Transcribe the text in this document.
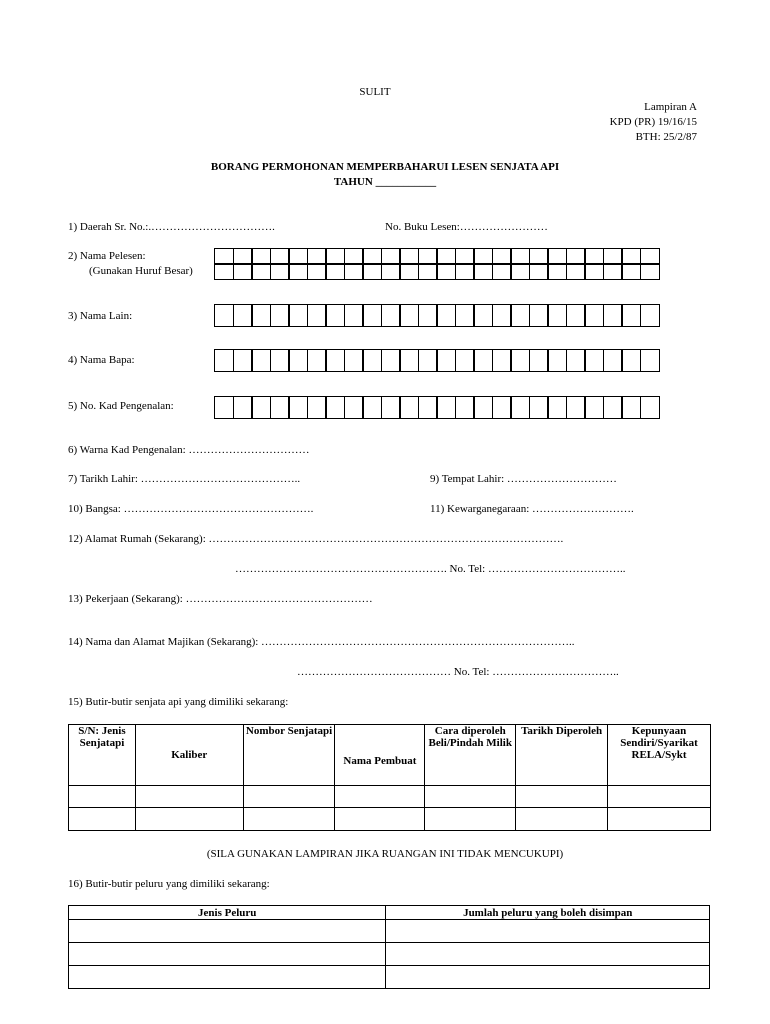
SULIT
Lampiran A
KPD (PR) 19/16/15
BTH: 25/2/87
BORANG PERMOHONAN MEMPERBAHARUI LESEN SENJATA API
TAHUN ___________
1) Daerah Sr. No.:.…………………………….	No. Buku Lesen:……………………
2) Nama Pelesen:
(Gunakan Huruf Besar)
3) Nama Lain:
4) Nama Bapa:
5) No. Kad Pengenalan:
6) Warna Kad Pengenalan: ……………………………
7) Tarikh Lahir: ……………………………………..	9) Tempat Lahir: …………………………
10) Bangsa: …………………………………………….	11) Kewarganegaraan: ……………………….
12) Alamat Rumah (Sekarang): …………………………………………………………………………………….
…………………………………………………. No. Tel: ………………………………..
13) Pekerjaan (Sekarang): ……………………………………………
14) Nama dan Alamat Majikan (Sekarang): …………………………………………………………………………..
…………………………………… No. Tel: ……………………………..
15) Butir-butir senjata api yang dimiliki sekarang:
S/N: Jenis Senjatapi	Kaliber	Nombor Senjatapi	Nama Pembuat	Cara diperoleh Beli/Pindah Milik	Tarikh Diperoleh	Kepunyaan Sendiri/Syarikat RELA/Sykt

(SILA GUNAKAN LAMPIRAN JIKA RUANGAN INI TIDAK MENCUKUPI)
16) Butir-butir peluru yang dimiliki sekarang:
Jenis Peluru	Jumlah peluru yang boleh disimpan
